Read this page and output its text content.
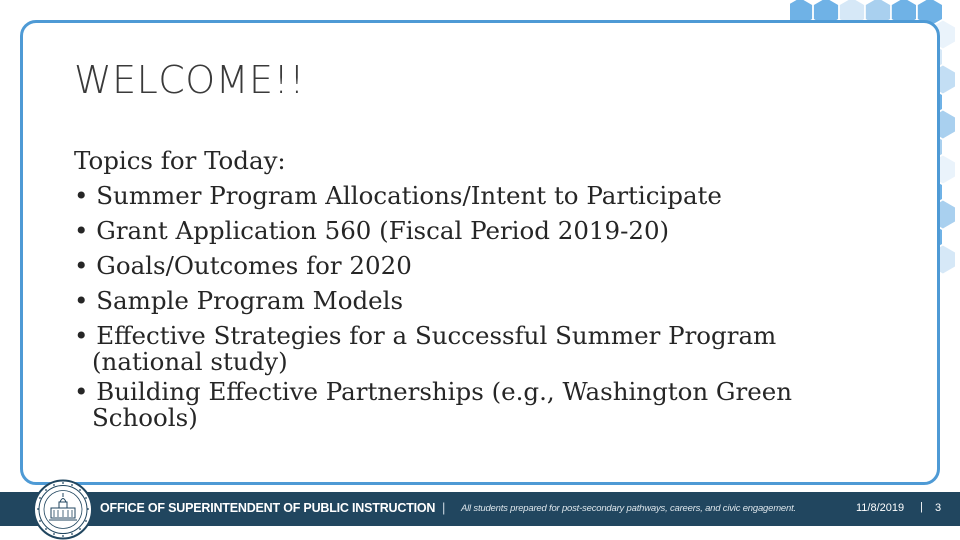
WELCOME!!
Topics for Today:
• Summer Program Allocations/Intent to Participate
• Grant Application 560 (Fiscal Period 2019-20)
• Goals/Outcomes for 2020
• Sample Program Models
• Effective Strategies for a Successful Summer Program
(national study)
• Building Effective Partnerships (e.g., Washington Green
Schools)
OFFICE OF SUPERINTENDENT OF PUBLIC INSTRUCTION | All students prepared for post-secondary pathways, careers, and civic engagement.	11/8/2019 | 3
